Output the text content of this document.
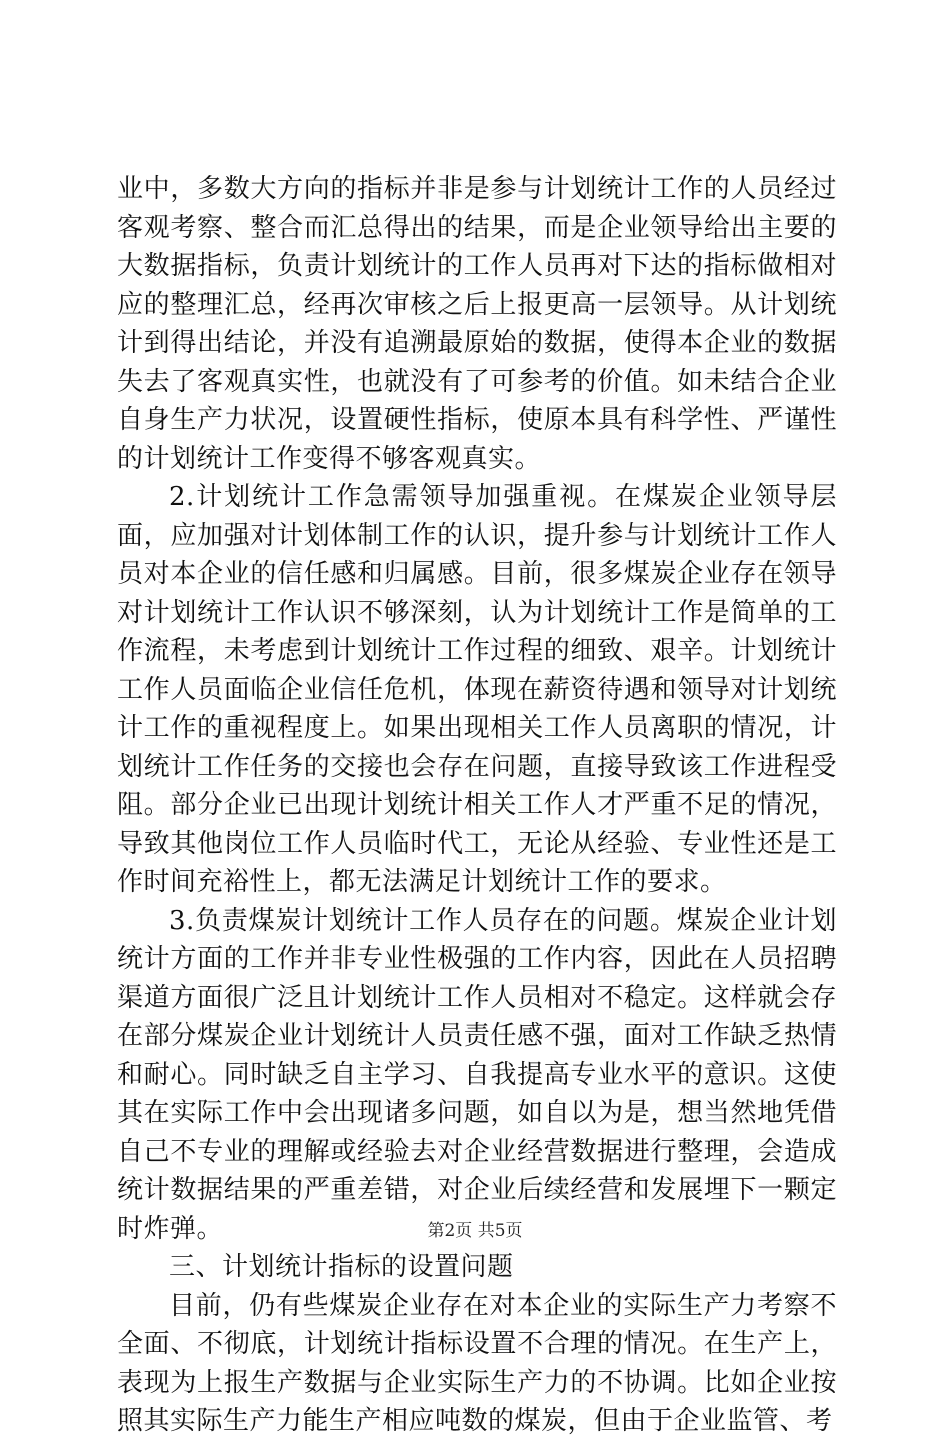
业中，多数大方向的指标并非是参与计划统计工作的人员经过客观考察、整合而汇总得出的结果，而是企业领导给出主要的大数据指标，负责计划统计的工作人员再对下达的指标做相对应的整理汇总，经再次审核之后上报更高一层领导。从计划统计到得出结论，并没有追溯最原始的数据，使得本企业的数据失去了客观真实性，也就没有了可参考的价值。如未结合企业自身生产力状况，设置硬性指标，使原本具有科学性、严谨性的计划统计工作变得不够客观真实。

2.计划统计工作急需领导加强重视。在煤炭企业领导层面，应加强对计划体制工作的认识，提升参与计划统计工作人员对本企业的信任感和归属感。目前，很多煤炭企业存在领导对计划统计工作认识不够深刻，认为计划统计工作是简单的工作流程，未考虑到计划统计工作过程的细致、艰辛。计划统计工作人员面临企业信任危机，体现在薪资待遇和领导对计划统计工作的重视程度上。如果出现相关工作人员离职的情况，计划统计工作任务的交接也会存在问题，直接导致该工作进程受阻。部分企业已出现计划统计相关工作人才严重不足的情况，导致其他岗位工作人员临时代工，无论从经验、专业性还是工作时间充裕性上，都无法满足计划统计工作的要求。

3.负责煤炭计划统计工作人员存在的问题。煤炭企业计划统计方面的工作并非专业性极强的工作内容，因此在人员招聘渠道方面很广泛且计划统计工作人员相对不稳定。这样就会存在部分煤炭企业计划统计人员责任感不强，面对工作缺乏热情和耐心。同时缺乏自主学习、自我提高专业水平的意识。这使其在实际工作中会出现诸多问题，如自以为是，想当然地凭借自己不专业的理解或经验去对企业经营数据进行整理，会造成统计数据结果的严重差错，对企业后续经营和发展埋下一颗定时炸弹。

三、计划统计指标的设置问题

目前，仍有些煤炭企业存在对本企业的实际生产力考察不全面、不彻底，计划统计指标设置不合理的情况。在生产上，表现为上报生产数据与企业实际生产力的不协调。比如企业按照其实际生产力能生产相应吨数的煤炭，但由于企业监管、考

第2页 共5页
